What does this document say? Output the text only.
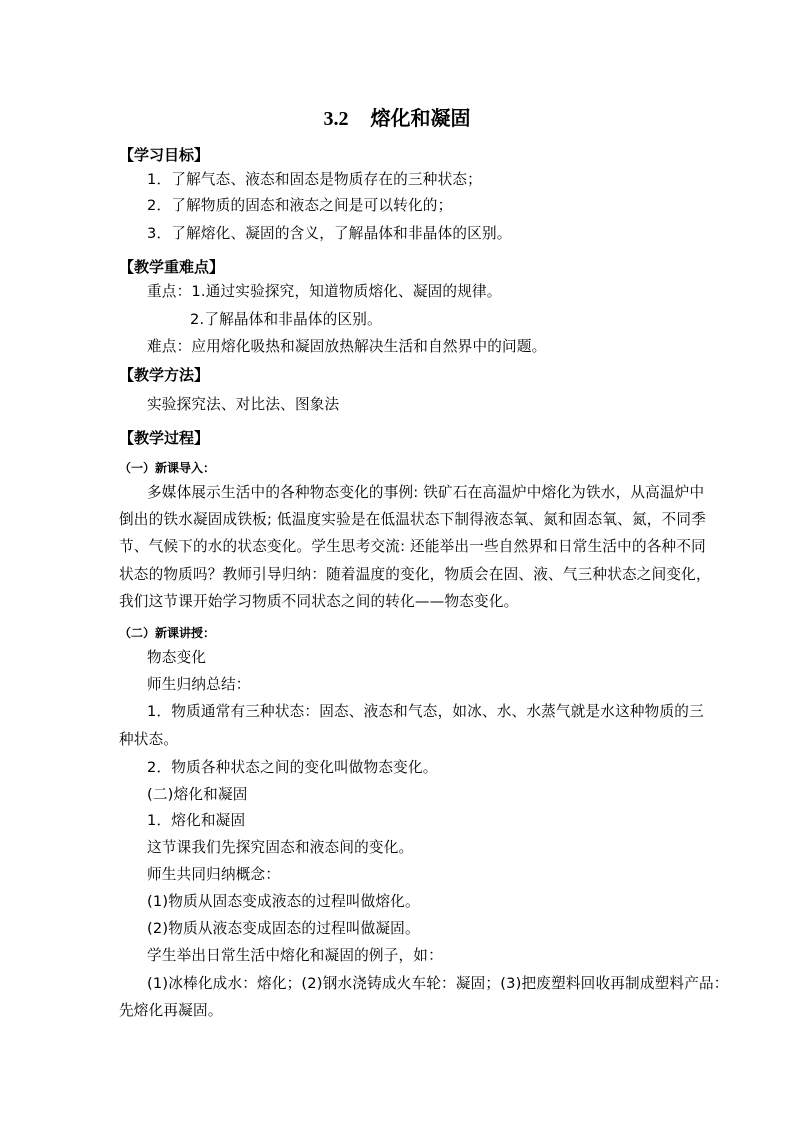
3.2 熔化和凝固
【学习目标】
1．了解气态、液态和固态是物质存在的三种状态；
2．了解物质的固态和液态之间是可以转化的；
3．了解熔化、凝固的含义，了解晶体和非晶体的区别。
【教学重难点】
重点：1.通过实验探究，知道物质熔化、凝固的规律。
2.了解晶体和非晶体的区别。
难点：应用熔化吸热和凝固放热解决生活和自然界中的问题。
【教学方法】
实验探究法、对比法、图象法
【教学过程】
（一）新课导入：
多媒体展示生活中的各种物态变化的事例: 铁矿石在高温炉中熔化为铁水，从高温炉中
倒出的铁水凝固成铁板; 低温度实验是在低温状态下制得液态氧、氮和固态氧、氮，不同季
节、气候下的水的状态变化。学生思考交流: 还能举出一些自然界和日常生活中的各种不同
状态的物质吗？教师引导归纳：随着温度的变化，物质会在固、液、气三种状态之间变化，
我们这节课开始学习物质不同状态之间的转化——物态变化。
（二）新课讲授：
物态变化
师生归纳总结：
1．物质通常有三种状态：固态、液态和气态，如冰、水、水蒸气就是水这种物质的三
种状态。
2．物质各种状态之间的变化叫做物态变化。
(二)熔化和凝固
1．熔化和凝固
这节课我们先探究固态和液态间的变化。
师生共同归纳概念：
(1)物质从固态变成液态的过程叫做熔化。
(2)物质从液态变成固态的过程叫做凝固。
学生举出日常生活中熔化和凝固的例子，如：
(1)冰棒化成水：熔化；(2)钢水浇铸成火车轮：凝固；(3)把废塑料回收再制成塑料产品：
先熔化再凝固。
